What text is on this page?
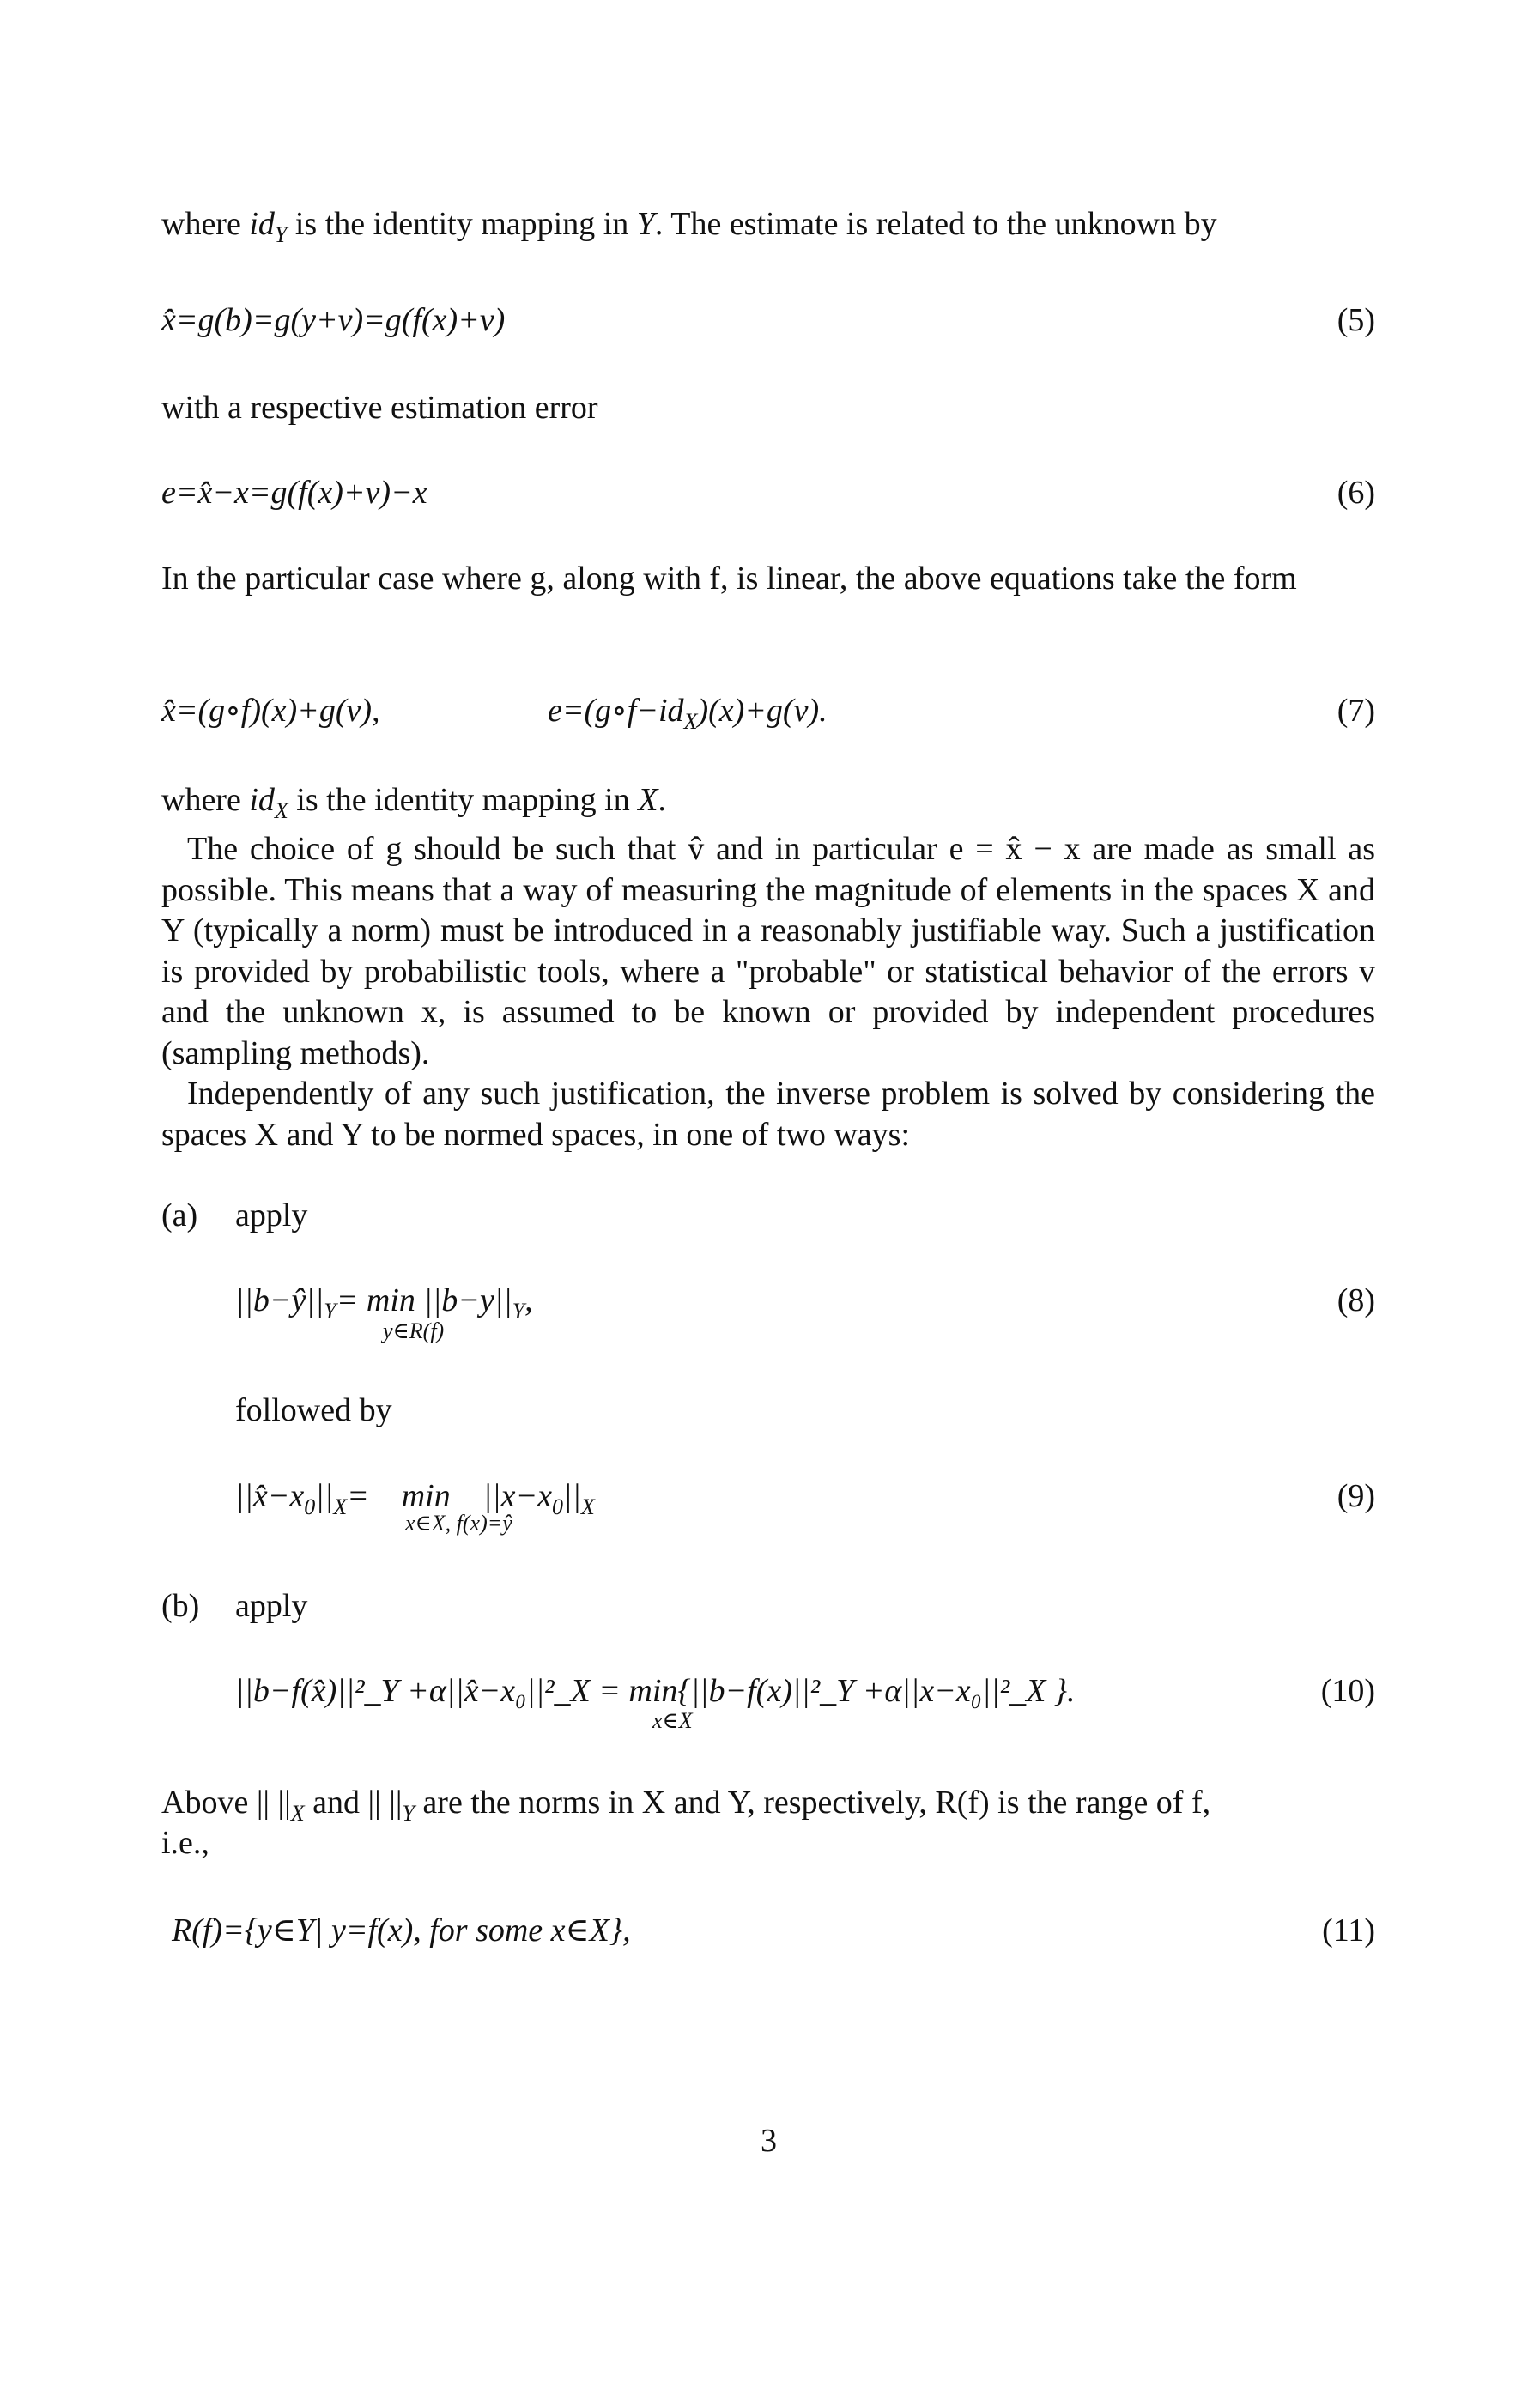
where $id_Y$ is the identity mapping in Y. The estimate is related to the unknown by
x̂=g(b)=g(y+v)=g(f(x)+v)	(5)
with a respective estimation error
e=x̂−x=g(f(x)+v)−x	(6)
In the particular case where g, along with f, is linear, the above equations take the form
x̂=(g∘f)(x)+g(v),	$e=(g\circ f-id_X)(x)+g(v)$.	(7)
where $id_X$ is the identity mapping in X.
The choice of g should be such that v̂ and in particular e = x̂ − x are made as small as possible. This means that a way of measuring the magnitude of elements in the spaces X and Y (typically a norm) must be introduced in a reasonably justifiable way. Such a justification is provided by probabilistic tools, where a "probable" or statistical behavior of the errors v and the unknown x, is assumed to be known or provided by independent procedures (sampling methods).
Independently of any such justification, the inverse problem is solved by considering the spaces X and Y to be normed spaces, in one of two ways:
(a) apply
$||b-ŷ||_Y= \min ||b-y||_Y$,
y∈R(f)
(8)
followed by
$||x̂-x_0||_X=$    min    $||x-x_0||_X$
x∈X, f(x)=ŷ
(9)
(b) apply
||b−f(x̂)||²_Y +α||x̂−x₀||²_X = min{||b−f(x)||²_Y +α||x−x₀||²_X }.
x∈X
(10)
Above || $||_X$ and || $||_Y$ are the norms in X and Y, respectively, R(f) is the range of f,
i.e.,
R(f)={y∈Y| y=f(x), for some x∈X},	(11)
3
